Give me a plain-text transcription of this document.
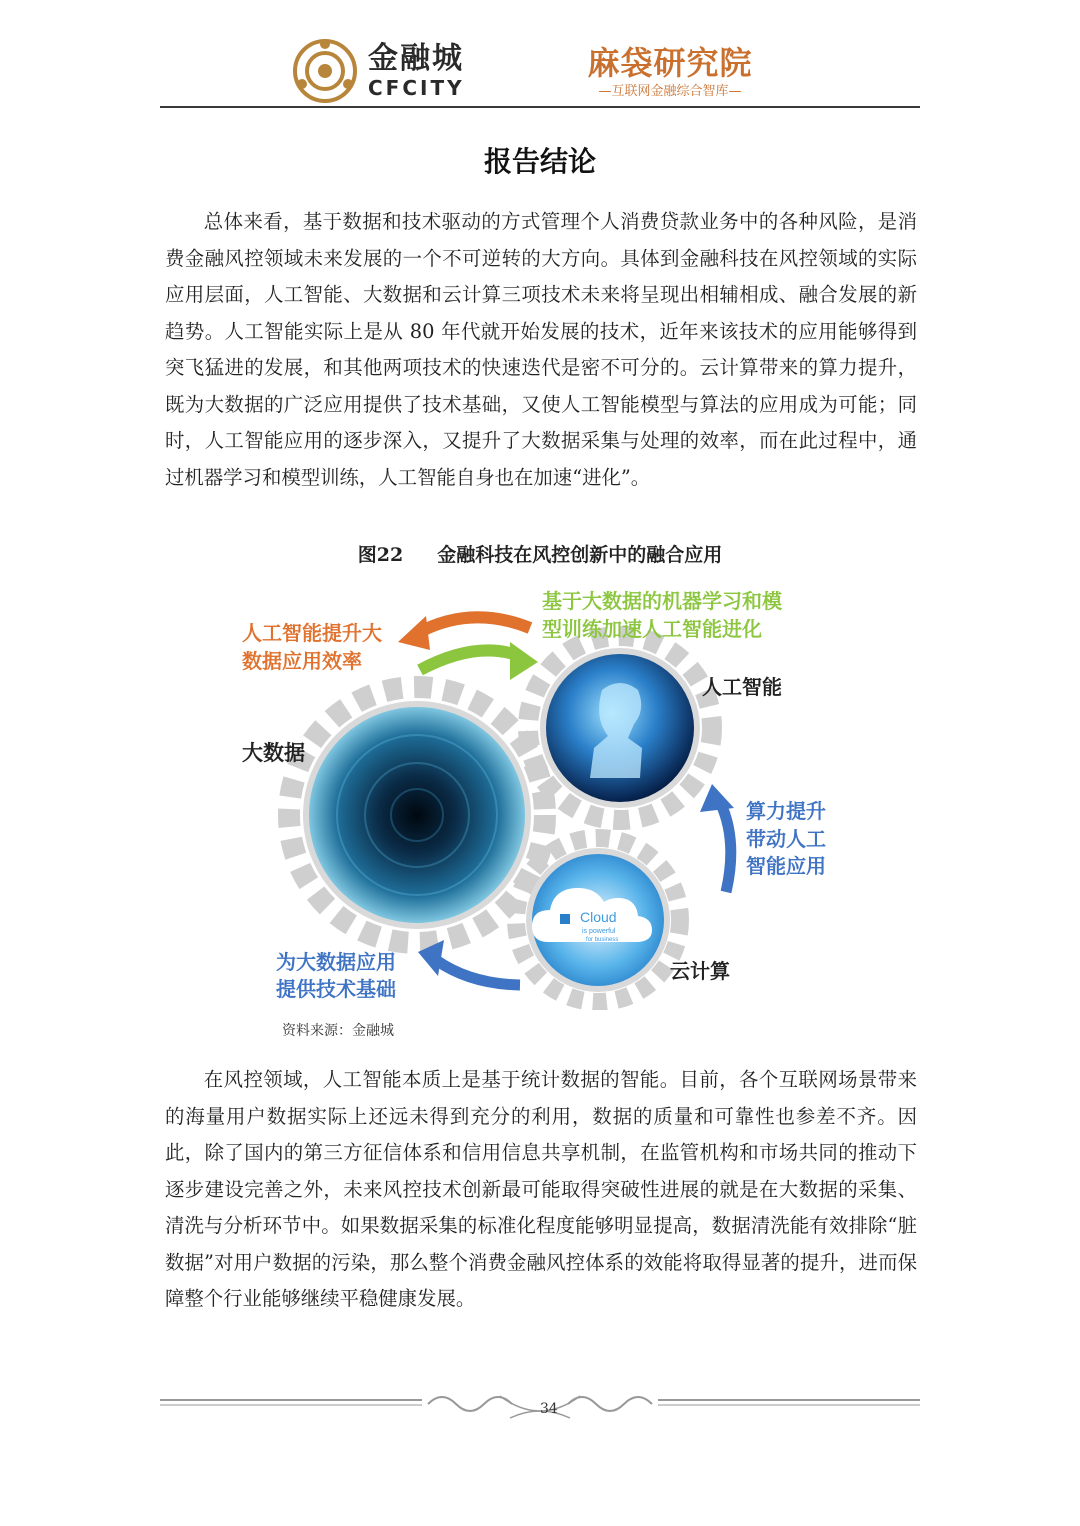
金融城
CFCITY
麻袋研究院
—互联网金融综合智库—
报告结论

总体来看，基于数据和技术驱动的方式管理个人消费贷款业务中的各种风险，是消费金融风控领域未来发展的一个不可逆转的大方向。具体到金融科技在风控领域的实际应用层面，人工智能、大数据和云计算三项技术未来将呈现出相辅相成、融合发展的新趋势。人工智能实际上是从 80 年代就开始发展的技术，近年来该技术的应用能够得到突飞猛进的发展，和其他两项技术的快速迭代是密不可分的。云计算带来的算力提升，既为大数据的广泛应用提供了技术基础，又使人工智能模型与算法的应用成为可能；同时，人工智能应用的逐步深入，又提升了大数据采集与处理的效率，而在此过程中，通过机器学习和模型训练，人工智能自身也在加速“进化”。

图22 金融科技在风控创新中的融合应用
Cloud
is powerful
for business
人工智能提升大
数据应用效率
基于大数据的机器学习和模
型训练加速人工智能进化
人工智能
大数据
算力提升
带动人工
智能应用
为大数据应用
提供技术基础
云计算
资料来源：金融城

在风控领域，人工智能本质上是基于统计数据的智能。目前，各个互联网场景带来的海量用户数据实际上还远未得到充分的利用，数据的质量和可靠性也参差不齐。因此，除了国内的第三方征信体系和信用信息共享机制，在监管机构和市场共同的推动下逐步建设完善之外，未来风控技术创新最可能取得突破性进展的就是在大数据的采集、清洗与分析环节中。如果数据采集的标准化程度能够明显提高，数据清洗能有效排除“脏数据”对用户数据的污染，那么整个消费金融风控体系的效能将取得显著的提升，进而保障整个行业能够继续平稳健康发展。

34
